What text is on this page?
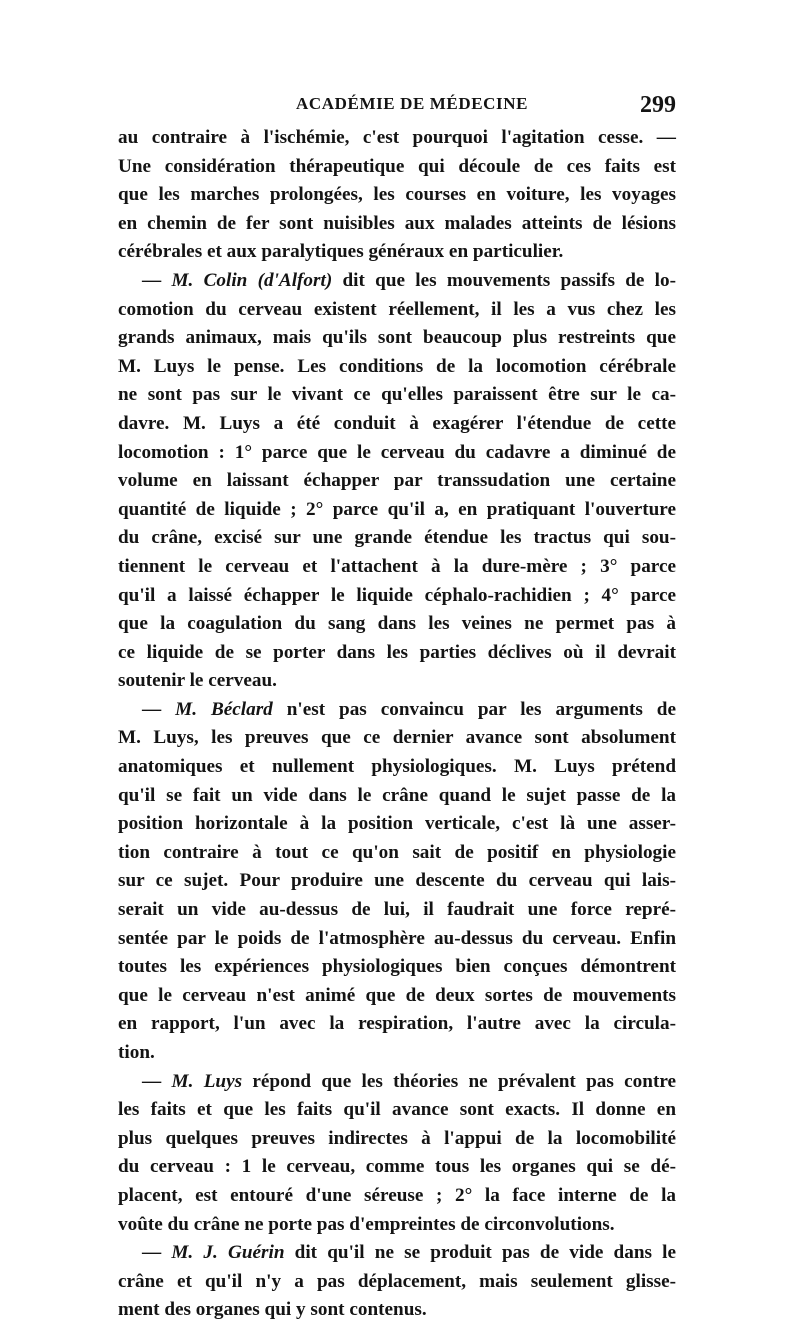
ACADÉMIE DE MÉDECINE	299
au contraire à l'ischémie, c'est pourquoi l'agitation cesse. —
Une considération thérapeutique qui découle de ces faits est
que les marches prolongées, les courses en voiture, les voyages
en chemin de fer sont nuisibles aux malades atteints de lésions
cérébrales et aux paralytiques généraux en particulier.
— M. Colin (d'Alfort) dit que les mouvements passifs de lo-
comotion du cerveau existent réellement, il les a vus chez les
grands animaux, mais qu'ils sont beaucoup plus restreints que
M. Luys le pense. Les conditions de la locomotion cérébrale
ne sont pas sur le vivant ce qu'elles paraissent être sur le ca-
davre. M. Luys a été conduit à exagérer l'étendue de cette
locomotion : 1° parce que le cerveau du cadavre a diminué de
volume en laissant échapper par transsudation une certaine
quantité de liquide ; 2° parce qu'il a, en pratiquant l'ouverture
du crâne, excisé sur une grande étendue les tractus qui sou-
tiennent le cerveau et l'attachent à la dure-mère ; 3° parce
qu'il a laissé échapper le liquide céphalo-rachidien ; 4° parce
que la coagulation du sang dans les veines ne permet pas à
ce liquide de se porter dans les parties déclives où il devrait
soutenir le cerveau.
— M. Béclard n'est pas convaincu par les arguments de
M. Luys, les preuves que ce dernier avance sont absolument
anatomiques et nullement physiologiques. M. Luys prétend
qu'il se fait un vide dans le crâne quand le sujet passe de la
position horizontale à la position verticale, c'est là une asser-
tion contraire à tout ce qu'on sait de positif en physiologie
sur ce sujet. Pour produire une descente du cerveau qui lais-
serait un vide au-dessus de lui, il faudrait une force repré-
sentée par le poids de l'atmosphère au-dessus du cerveau. Enfin
toutes les expériences physiologiques bien conçues démontrent
que le cerveau n'est animé que de deux sortes de mouvements
en rapport, l'un avec la respiration, l'autre avec la circula-
tion.
— M. Luys répond que les théories ne prévalent pas contre
les faits et que les faits qu'il avance sont exacts. Il donne en
plus quelques preuves indirectes à l'appui de la locomobilité
du cerveau : 1 le cerveau, comme tous les organes qui se dé-
placent, est entouré d'une séreuse ; 2° la face interne de la
voûte du crâne ne porte pas d'empreintes de circonvolutions.
— M. J. Guérin dit qu'il ne se produit pas de vide dans le
crâne et qu'il n'y a pas déplacement, mais seulement glisse-
ment des organes qui y sont contenus.
